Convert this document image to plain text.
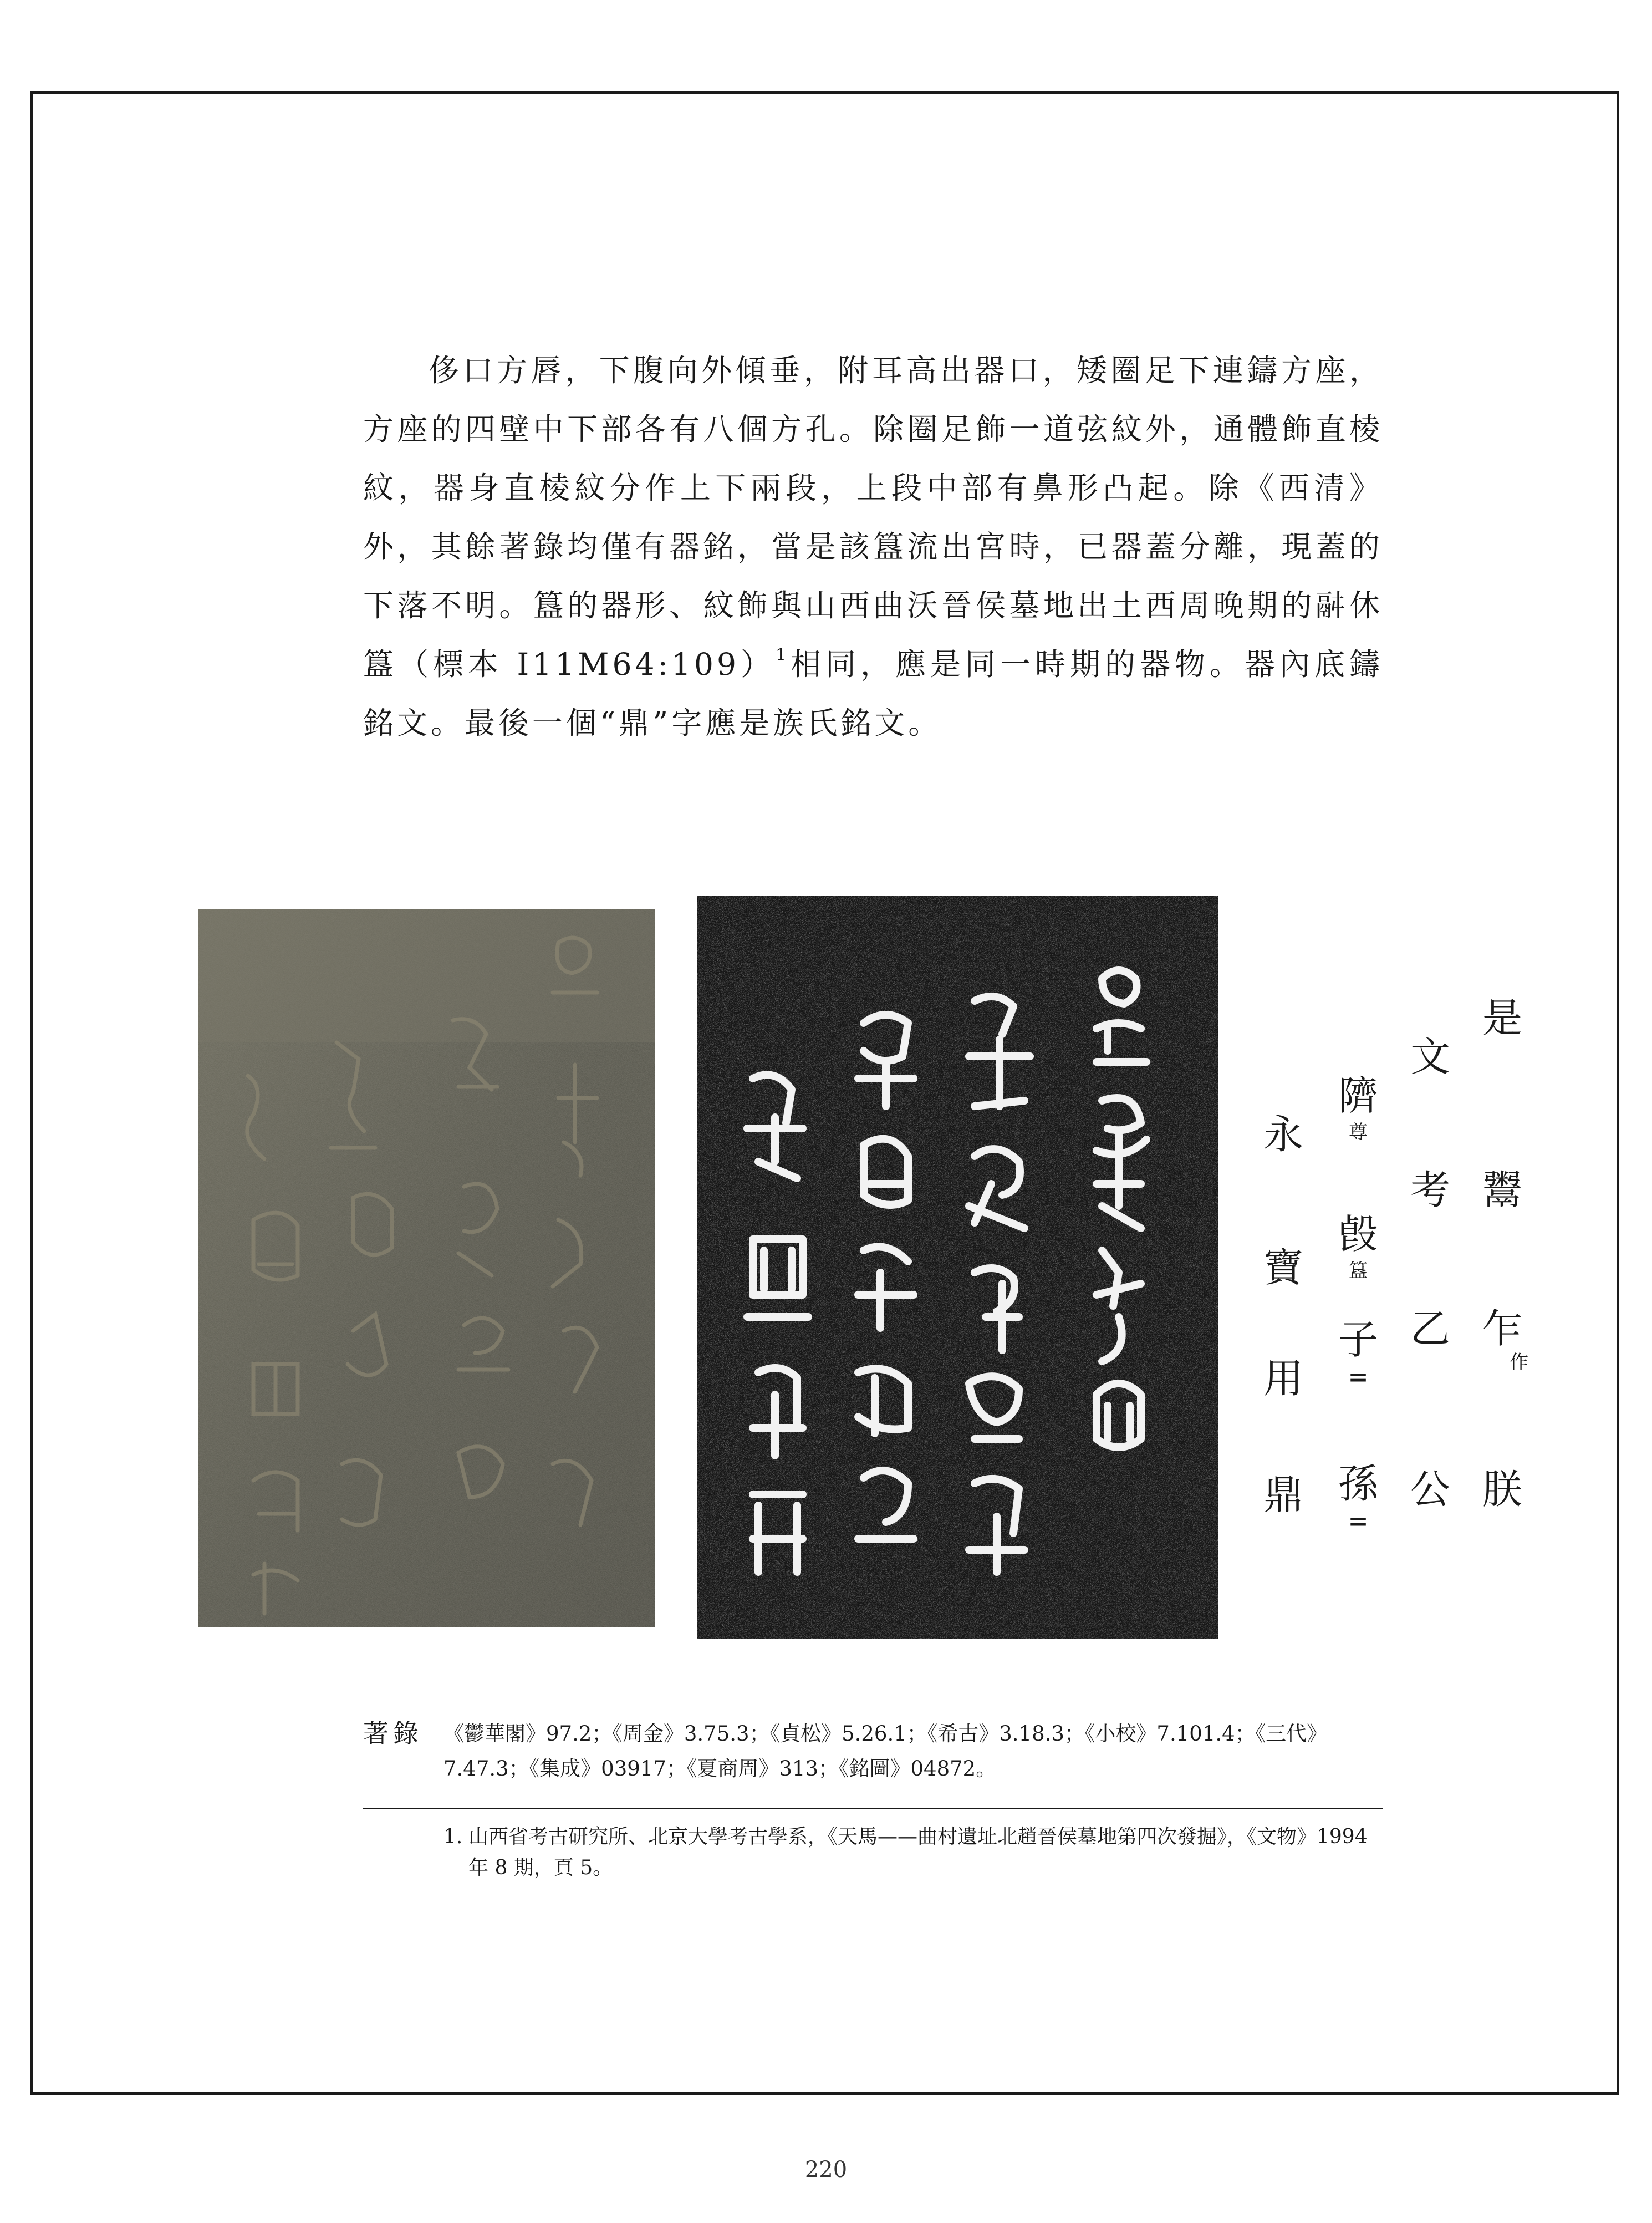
侈口方唇，下腹向外傾垂，附耳高出器口，矮圈足下連鑄方座，方座的四壁中下部各有八個方孔。除圈足飾一道弦紋外，通體飾直棱紋，器身直棱紋分作上下兩段，上段中部有鼻形凸起。除《西清》外，其餘著錄均僅有器銘，當是該簋流出宮時，已器蓋分離，現蓋的下落不明。簋的器形、紋飾與山西曲沃晉侯墓地出土西周晚期的𩰫休簋（標本 I11M64:109）$^1$相同，應是同一時期的器物。器內底鑄銘文。最後一個“鼎”字應是族氏銘文。

是
鬻
乍
作
朕
文
考
乙
公
隮
尊
㲃
簋
子
=
孫
=
永
寶
用
鼎
著錄 《鬱華閣》97.2；《周金》3.75.3；《貞松》5.26.1；《希古》3.18.3；《小校》7.101.4；《三代》7.47.3；《集成》03917；《夏商周》313；《銘圖》04872。
1. 山西省考古研究所、北京大學考古學系，《天馬——曲村遺址北趙晉侯墓地第四次發掘》，《文物》1994 年 8 期，頁 5。
220
